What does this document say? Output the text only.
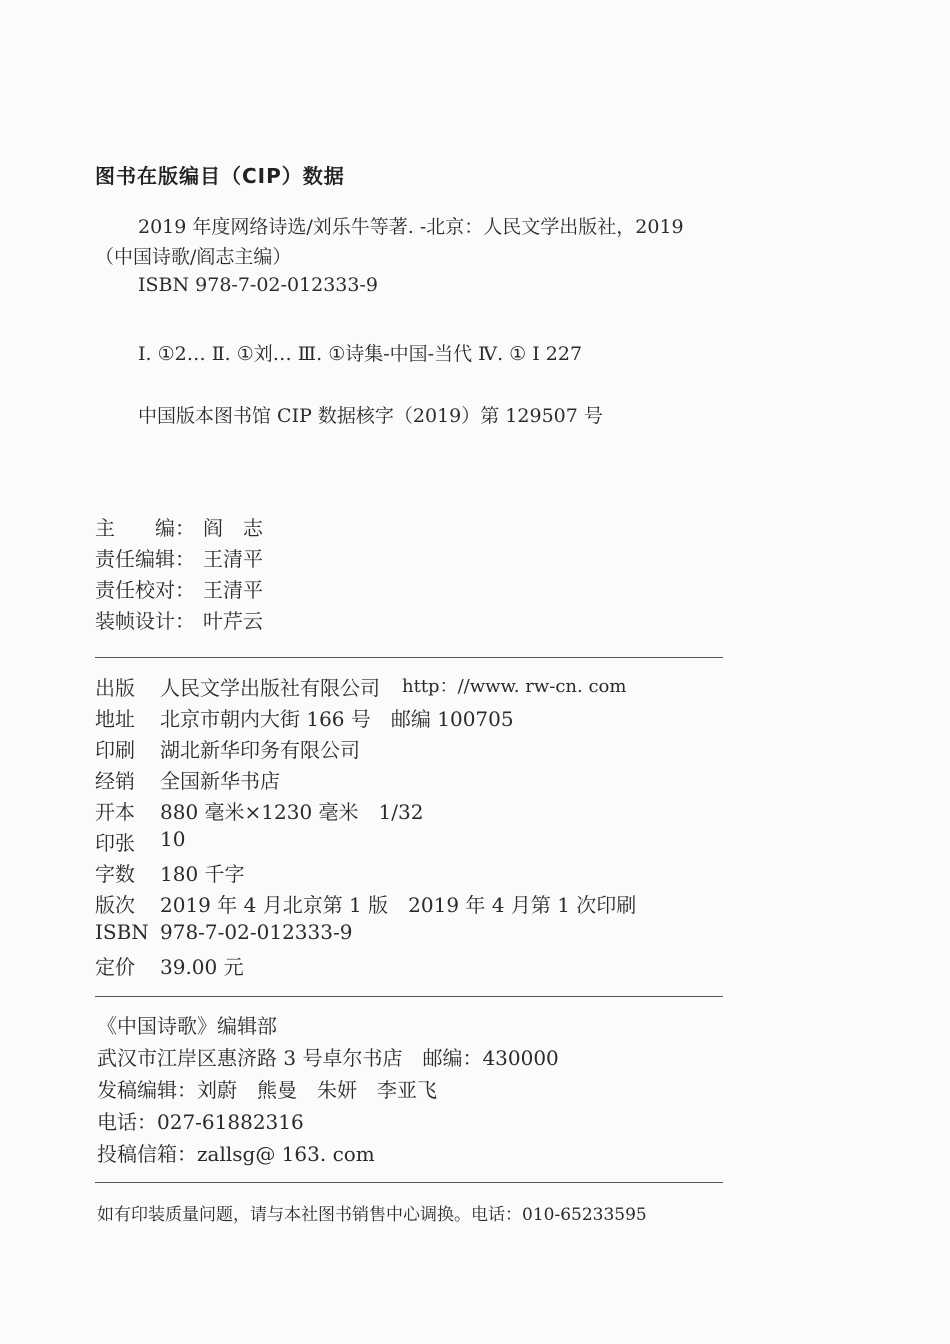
图书在版编目（CIP）数据
2019 年度网络诗选/刘乐牛等著. -北京：人民文学出版社，2019
（中国诗歌/阎志主编）
ISBN 978-7-02-012333-9
Ⅰ. ①2… Ⅱ. ①刘… Ⅲ. ①诗集-中国-当代 Ⅳ. ① I 227
中国版本图书馆 CIP 数据核字（2019）第 129507 号
主　　编： 阎　志
责任编辑： 王清平
责任校对： 王清平
装帧设计： 叶芹云
出版	人民文学出版社有限公司 http：//www. rw-cn. com
地址	北京市朝内大街 166 号 邮编 100705
印刷	湖北新华印务有限公司
经销	全国新华书店
开本	880 毫米×1230 毫米　1/32
印张	10
字数	180 千字
版次	2019 年 4 月北京第 1 版 2019 年 4 月第 1 次印刷
ISBN 978-7-02-012333-9
定价	39.00 元
《中国诗歌》编辑部
武汉市江岸区惠济路 3 号卓尔书店　邮编：430000
发稿编辑：刘蔚　熊曼　朱妍　李亚飞
电话：027-61882316
投稿信箱：zallsg@ 163. com
如有印装质量问题，请与本社图书销售中心调换。电话：010-65233595
